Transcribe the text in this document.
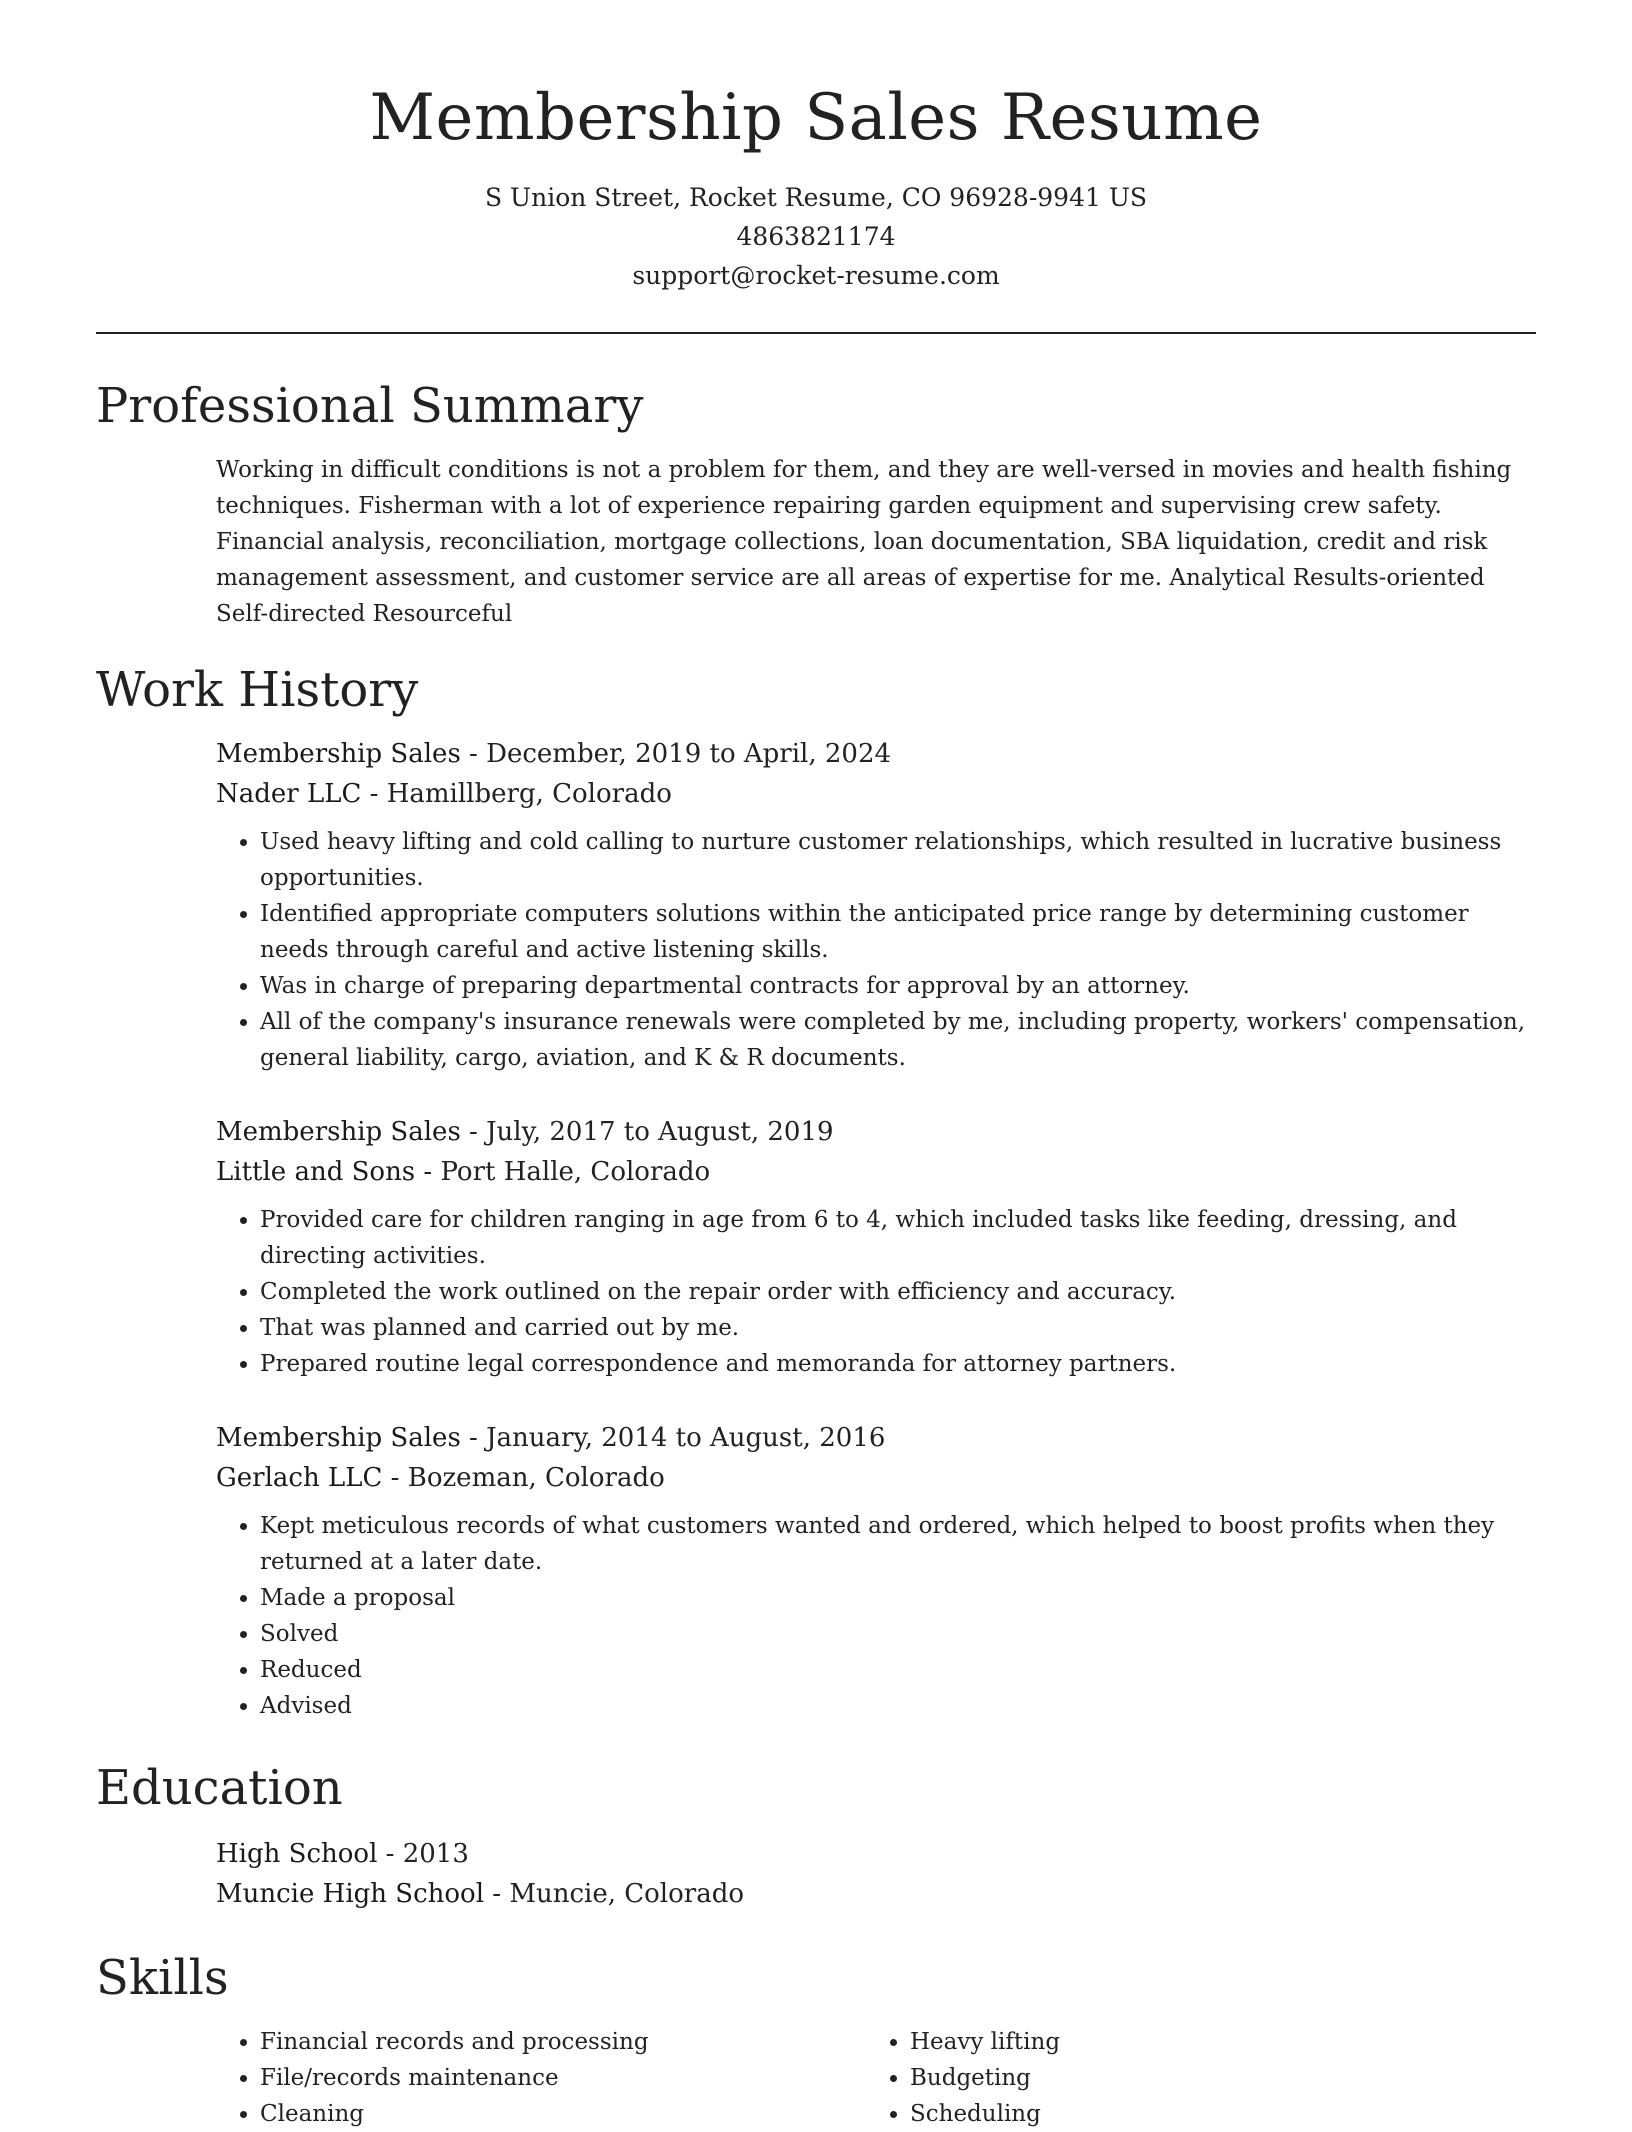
Membership Sales Resume
S Union Street, Rocket Resume, CO 96928-9941 US
4863821174
support@rocket-resume.com
Professional Summary

Working in difficult conditions is not a problem for them, and they are well-versed in movies and health fishing techniques. Fisherman with a lot of experience repairing garden equipment and supervising crew safety. Financial analysis, reconciliation, mortgage collections, loan documentation, SBA liquidation, credit and risk management assessment, and customer service are all areas of expertise for me. Analytical Results-oriented Self-directed Resourceful

Work History
Membership Sales - December, 2019 to April, 2024
Nader LLC - Hamillberg, Colorado
• Used heavy lifting and cold calling to nurture customer relationships, which resulted in lucrative business opportunities.
• Identified appropriate computers solutions within the anticipated price range by determining customer needs through careful and active listening skills.
• Was in charge of preparing departmental contracts for approval by an attorney.
• All of the company's insurance renewals were completed by me, including property, workers' compensation, general liability, cargo, aviation, and K & R documents.
Membership Sales - July, 2017 to August, 2019
Little and Sons - Port Halle, Colorado
• Provided care for children ranging in age from 6 to 4, which included tasks like feeding, dressing, and directing activities.
• Completed the work outlined on the repair order with efficiency and accuracy.
• That was planned and carried out by me.
• Prepared routine legal correspondence and memoranda for attorney partners.
Membership Sales - January, 2014 to August, 2016
Gerlach LLC - Bozeman, Colorado
• Kept meticulous records of what customers wanted and ordered, which helped to boost profits when they returned at a later date.
• Made a proposal
• Solved
• Reduced
• Advised
Education
High School - 2013
Muncie High School - Muncie, Colorado
Skills
• Financial records and processing
• File/records maintenance
• Cleaning
• Heavy lifting
• Budgeting
• Scheduling
